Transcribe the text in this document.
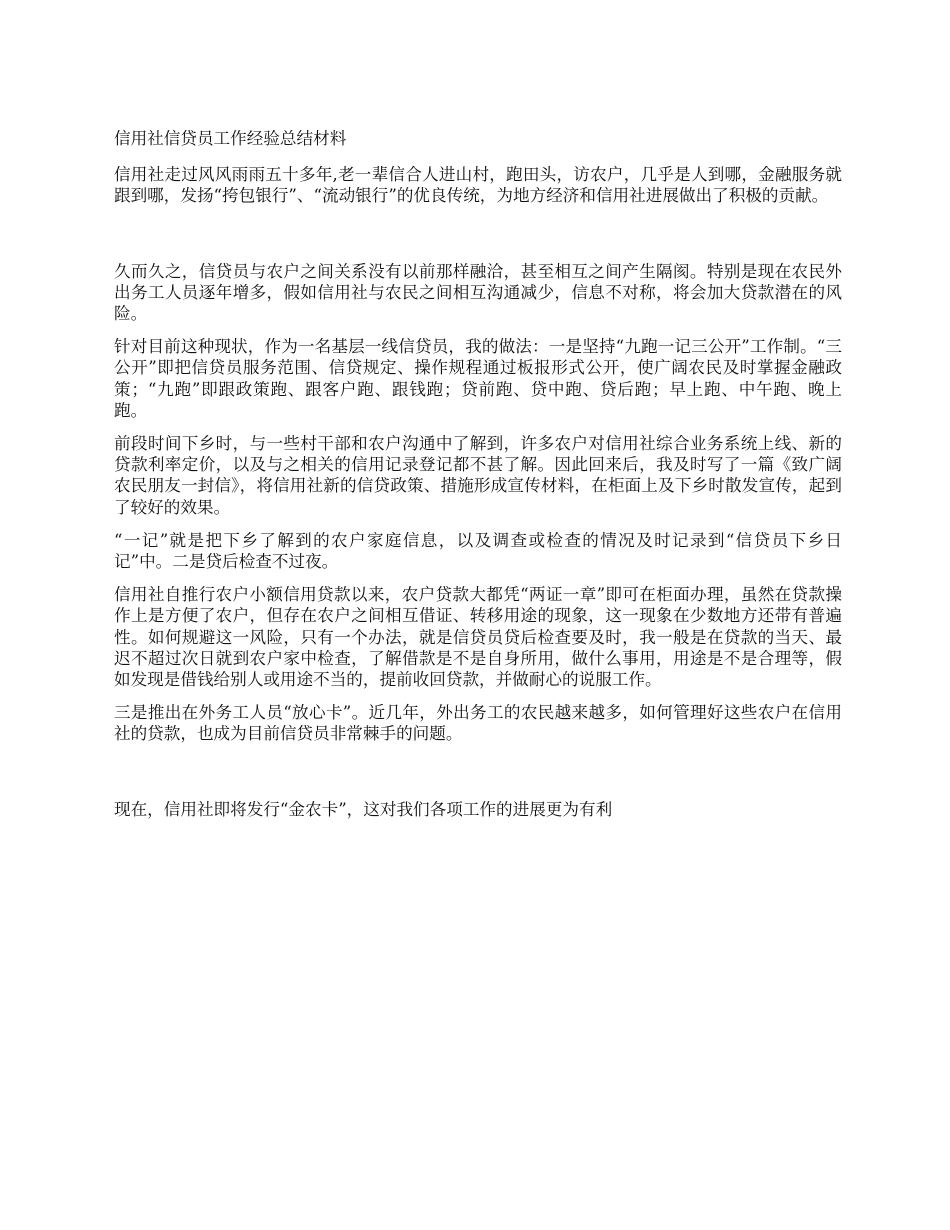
信用社信贷员工作经验总结材料

信用社走过风风雨雨五十多年,老一辈信合人进山村，跑田头，访农户，几乎是人到哪，金融服务就跟到哪，发扬“挎包银行”、“流动银行”的优良传统，为地方经济和信用社进展做出了积极的贡献。

久而久之，信贷员与农户之间关系没有以前那样融洽，甚至相互之间产生隔阂。特别是现在农民外出务工人员逐年增多，假如信用社与农民之间相互沟通减少，信息不对称，将会加大贷款潜在的风险。

针对目前这种现状，作为一名基层一线信贷员，我的做法：一是坚持“九跑一记三公开”工作制。“三公开”即把信贷员服务范围、信贷规定、操作规程通过板报形式公开，使广阔农民及时掌握金融政策；“九跑”即跟政策跑、跟客户跑、跟钱跑；贷前跑、贷中跑、贷后跑；早上跑、中午跑、晚上跑。

前段时间下乡时，与一些村干部和农户沟通中了解到，许多农户对信用社综合业务系统上线、新的贷款利率定价，以及与之相关的信用记录登记都不甚了解。因此回来后，我及时写了一篇《致广阔农民朋友一封信》，将信用社新的信贷政策、措施形成宣传材料，在柜面上及下乡时散发宣传，起到了较好的效果。

“一记”就是把下乡了解到的农户家庭信息，以及调查或检查的情况及时记录到“信贷员下乡日记”中。二是贷后检查不过夜。

信用社自推行农户小额信用贷款以来，农户贷款大都凭“两证一章”即可在柜面办理，虽然在贷款操作上是方便了农户，但存在农户之间相互借证、转移用途的现象，这一现象在少数地方还带有普遍性。如何规避这一风险，只有一个办法，就是信贷员贷后检查要及时，我一般是在贷款的当天、最迟不超过次日就到农户家中检查，了解借款是不是自身所用，做什么事用，用途是不是合理等，假如发现是借钱给别人或用途不当的，提前收回贷款，并做耐心的说服工作。

三是推出在外务工人员“放心卡”。近几年，外出务工的农民越来越多，如何管理好这些农户在信用社的贷款，也成为目前信贷员非常棘手的问题。

现在，信用社即将发行“金农卡”，这对我们各项工作的进展更为有利
